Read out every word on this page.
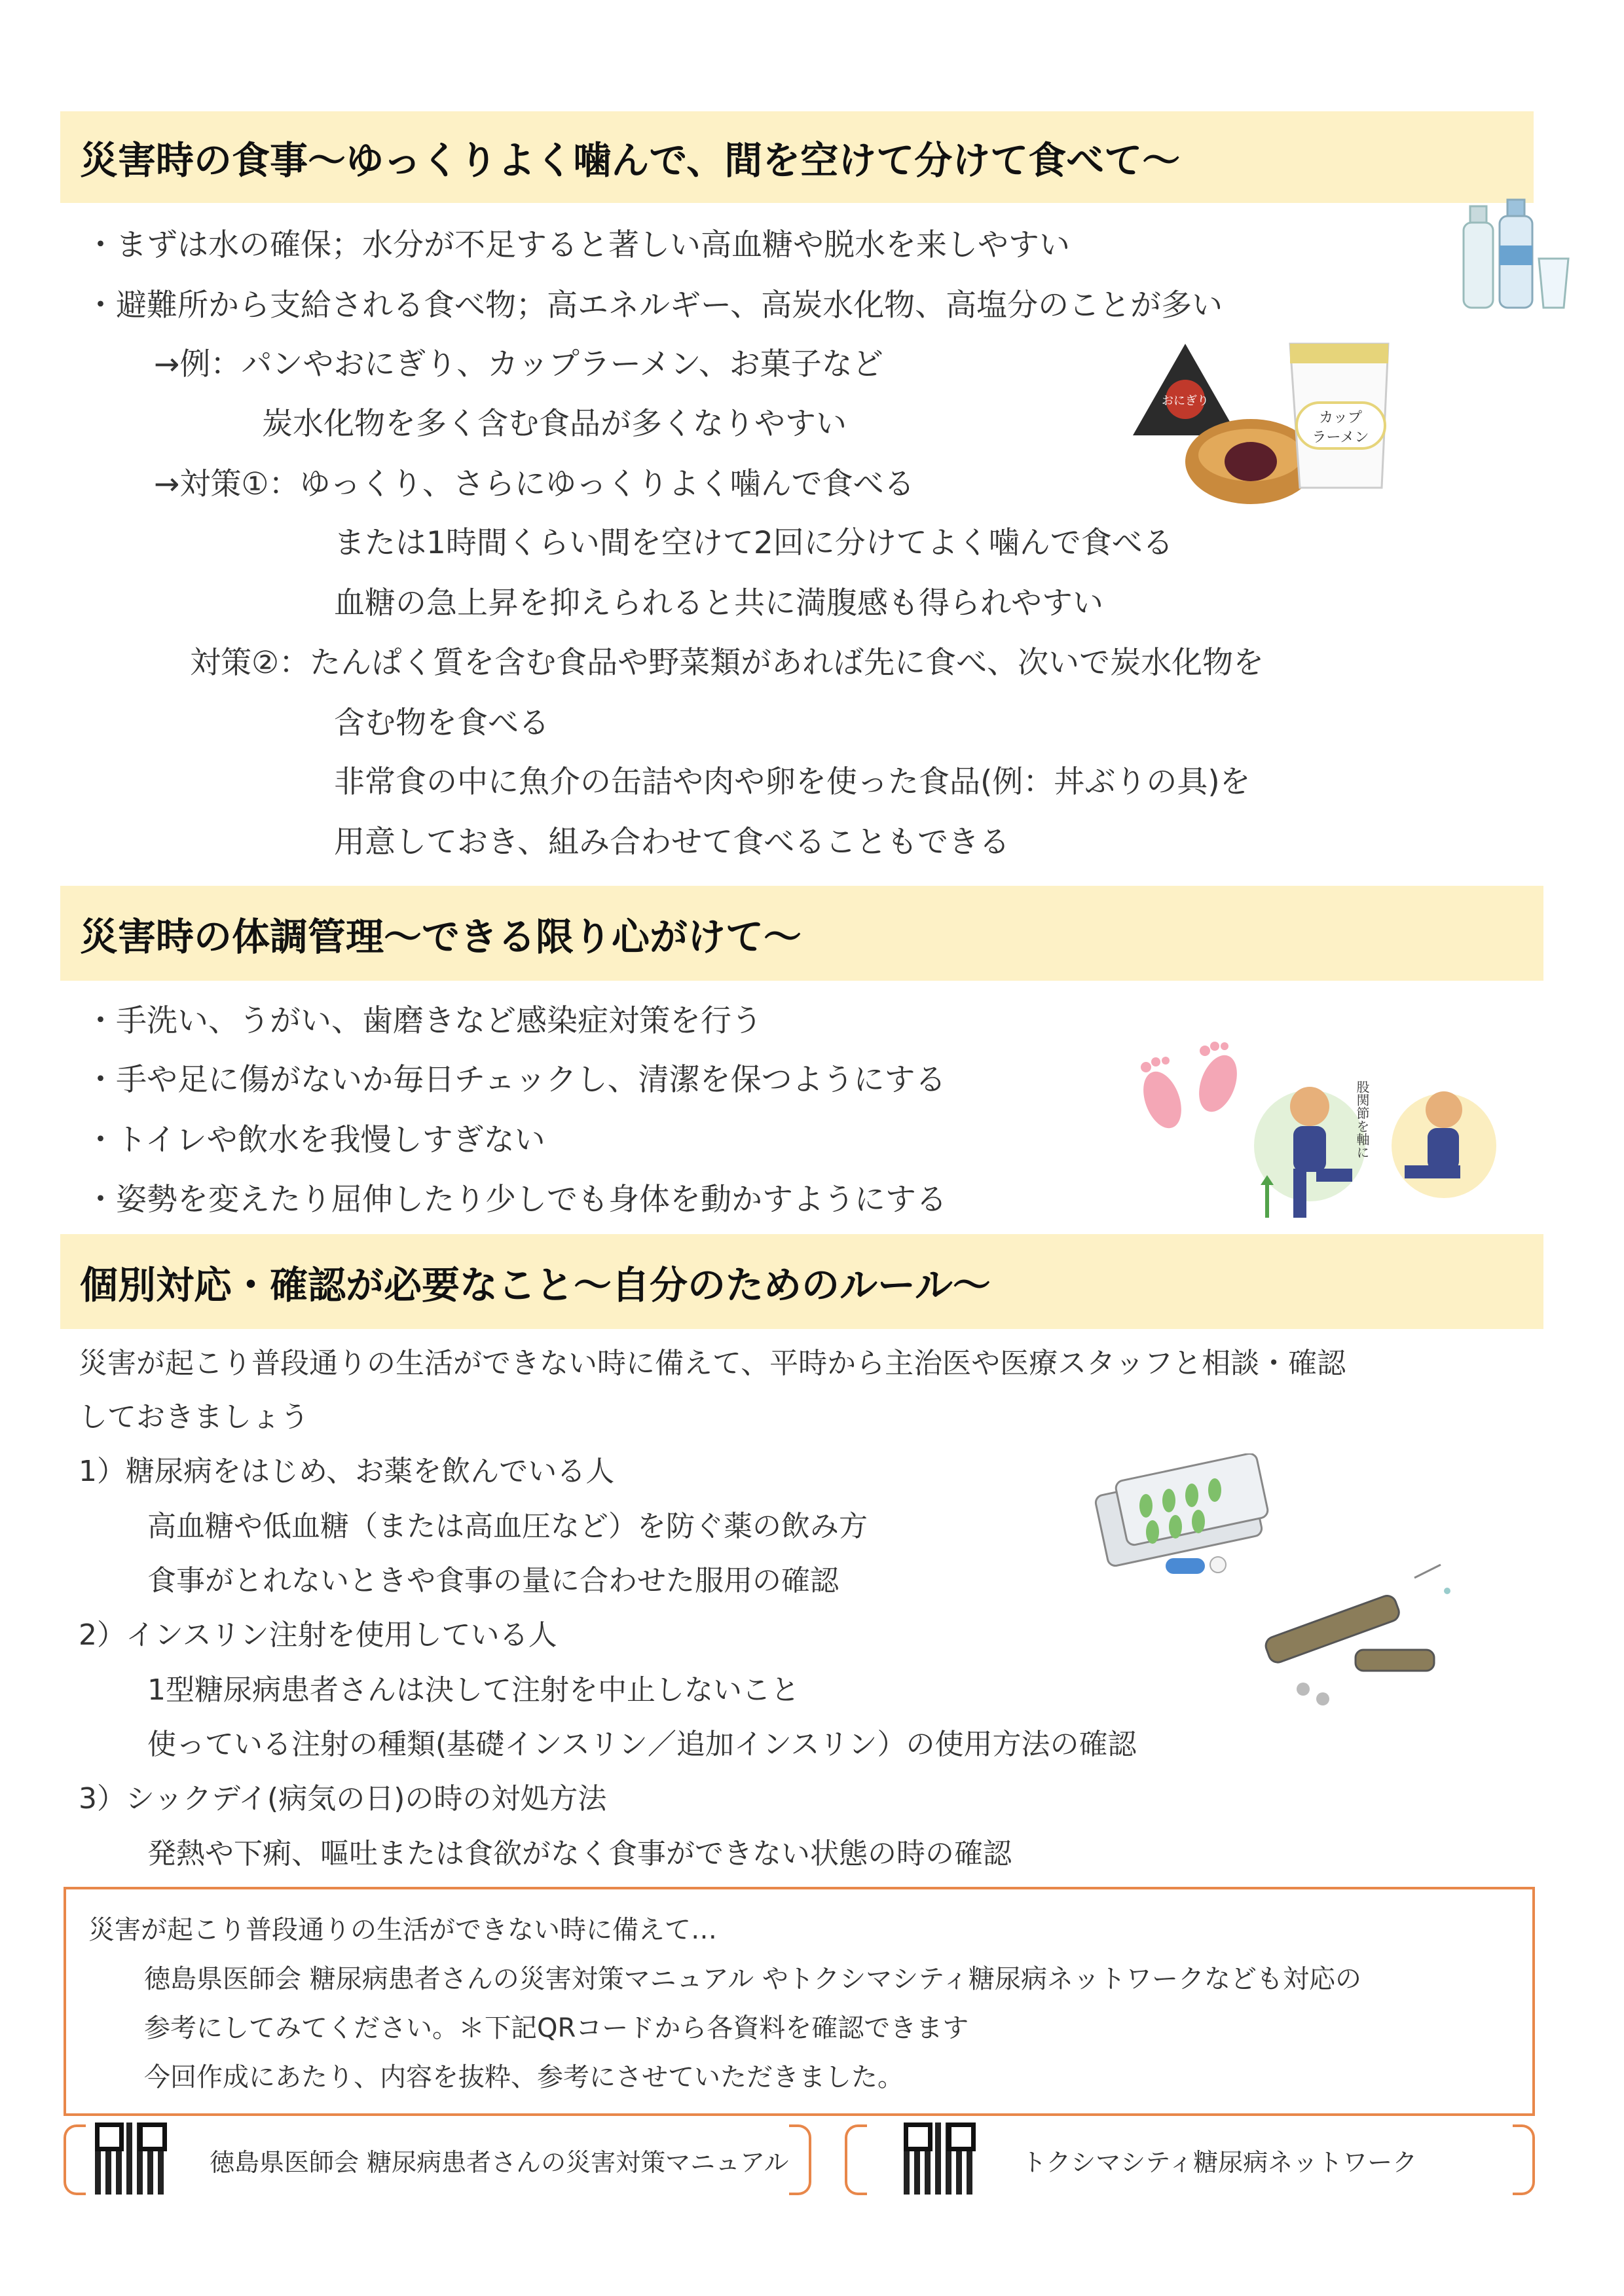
災害時の食事〜ゆっくりよく噛んで、間を空けて分けて食べて〜
・まずは水の確保；水分が不足すると著しい高血糖や脱水を来しやすい
・避難所から支給される食べ物；高エネルギー、高炭水化物、高塩分のことが多い
→例：パンやおにぎり、カップラーメン、お菓子など
炭水化物を多く含む食品が多くなりやすい
→対策①：ゆっくり、さらにゆっくりよく噛んで食べる
または1時間くらい間を空けて2回に分けてよく噛んで食べる
血糖の急上昇を抑えられると共に満腹感も得られやすい
対策②：たんぱく質を含む食品や野菜類があれば先に食べ、次いで炭水化物を
含む物を食べる
非常食の中に魚介の缶詰や肉や卵を使った食品(例：丼ぶりの具)を
用意しておき、組み合わせて食べることもできる
おにぎり
カップ
ラーメン
災害時の体調管理〜できる限り心がけて〜
・手洗い、うがい、歯磨きなど感染症対策を行う
・手や足に傷がないか毎日チェックし、清潔を保つようにする
・トイレや飲水を我慢しすぎない
・姿勢を変えたり屈伸したり少しでも身体を動かすようにする
股関節を軸に
個別対応・確認が必要なこと〜自分のためのルール〜
災害が起こり普段通りの生活ができない時に備えて、平時から主治医や医療スタッフと相談・確認
しておきましょう
1）糖尿病をはじめ、お薬を飲んでいる人
高血糖や低血糖（または高血圧など）を防ぐ薬の飲み方
食事がとれないときや食事の量に合わせた服用の確認
2）インスリン注射を使用している人
1型糖尿病患者さんは決して注射を中止しないこと
使っている注射の種類(基礎インスリン／追加インスリン）の使用方法の確認
3）シックデイ(病気の日)の時の対処方法
発熱や下痢、嘔吐または食欲がなく食事ができない状態の時の確認
災害が起こり普段通りの生活ができない時に備えて…
徳島県医師会 糖尿病患者さんの災害対策マニュアル やトクシマシティ糖尿病ネットワークなども対応の
参考にしてみてください。＊下記QRコードから各資料を確認できます
今回作成にあたり、内容を抜粋、参考にさせていただきました。
徳島県医師会 糖尿病患者さんの災害対策マニュアル	トクシマシティ糖尿病ネットワーク
